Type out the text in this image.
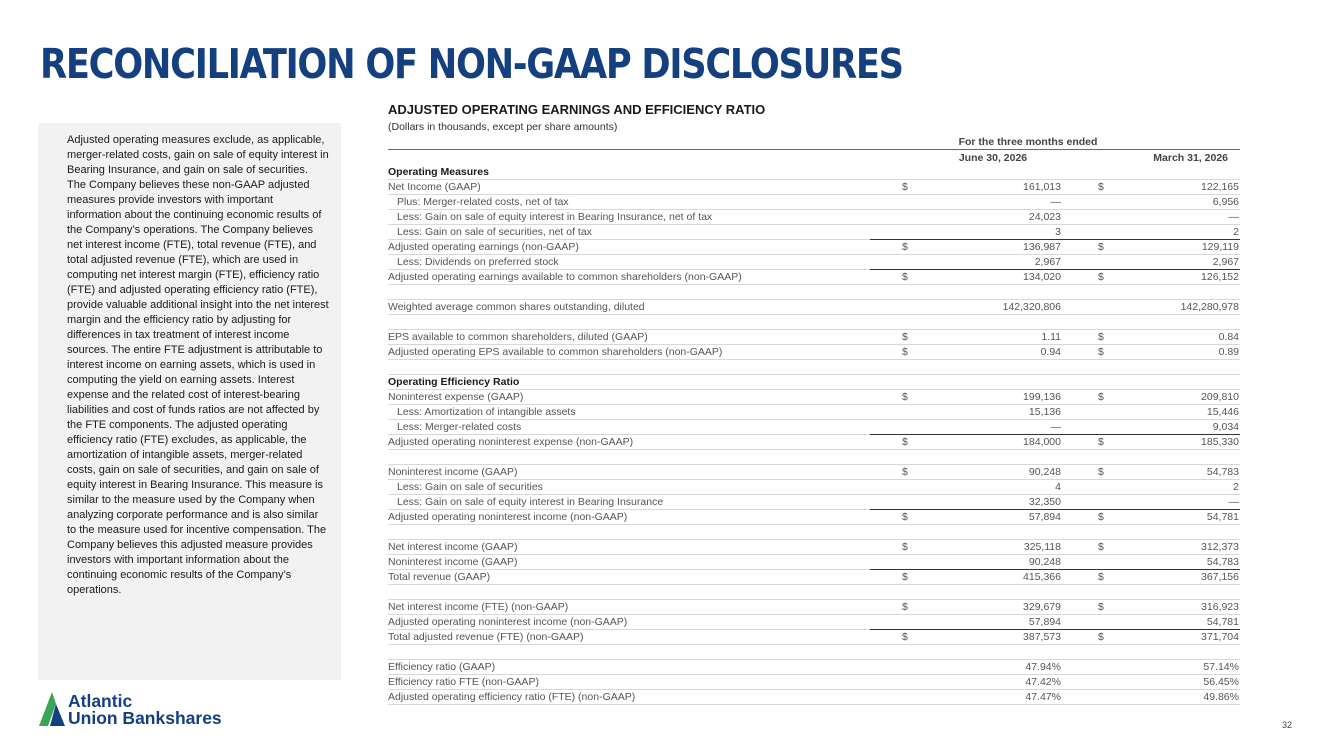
RECONCILIATION OF NON-GAAP DISCLOSURES

Adjusted operating measures exclude, as applicable, merger-related costs, gain on sale of equity interest in Bearing Insurance, and gain on sale of securities. The Company believes these non-GAAP adjusted measures provide investors with important information about the continuing economic results of the Company’s operations. The Company believes net interest income (FTE), total revenue (FTE), and total adjusted revenue (FTE), which are used in computing net interest margin (FTE), efficiency ratio (FTE) and adjusted operating efficiency ratio (FTE), provide valuable additional insight into the net interest margin and the efficiency ratio by adjusting for differences in tax treatment of interest income sources. The entire FTE adjustment is attributable to interest income on earning assets, which is used in computing the yield on earning assets. Interest expense and the related cost of interest-bearing liabilities and cost of funds ratios are not affected by the FTE components. The adjusted operating efficiency ratio (FTE) excludes, as applicable, the amortization of intangible assets, merger-related costs, gain on sale of securities, and gain on sale of equity interest in Bearing Insurance. This measure is similar to the measure used by the Company when analyzing corporate performance and is also similar to the measure used for incentive compensation. The Company believes this adjusted measure provides investors with important information about the continuing economic results of the Company’s operations.

Atlantic
Union Bankshares
ADJUSTED OPERATING EARNINGS AND EFFICIENCY RATIO
(Dollars in thousands, except per share amounts)
For the three months ended
June 30, 2026	March 31, 2026
Operating Measures
Net Income (GAAP)	$	161,013	$	122,165
Plus: Merger-related costs, net of tax	—	6,956
Less: Gain on sale of equity interest in Bearing Insurance, net of tax	24,023	—
Less: Gain on sale of securities, net of tax	3	2
Adjusted operating earnings (non-GAAP)	$	136,987	$	129,119
Less: Dividends on preferred stock	2,967	2,967
Adjusted operating earnings available to common shareholders (non-GAAP)	$	134,020	$	126,152
Weighted average common shares outstanding, diluted	142,320,806	142,280,978
EPS available to common shareholders, diluted (GAAP)	$	1.11	$	0.84
Adjusted operating EPS available to common shareholders (non-GAAP)	$	0.94	$	0.89
Operating Efficiency Ratio
Noninterest expense (GAAP)	$	199,136	$	209,810
Less: Amortization of intangible assets	15,136	15,446
Less: Merger-related costs	—	9,034
Adjusted operating noninterest expense (non-GAAP)	$	184,000	$	185,330
Noninterest income (GAAP)	$	90,248	$	54,783
Less: Gain on sale of securities	4	2
Less: Gain on sale of equity interest in Bearing Insurance	32,350	—
Adjusted operating noninterest income (non-GAAP)	$	57,894	$	54,781
Net interest income (GAAP)	$	325,118	$	312,373
Noninterest income (GAAP)	90,248	54,783
Total revenue (GAAP)	$	415,366	$	367,156
Net interest income (FTE) (non-GAAP)	$	329,679	$	316,923
Adjusted operating noninterest income (non-GAAP)	57,894	54,781
Total adjusted revenue (FTE) (non-GAAP)	$	387,573	$	371,704
Efficiency ratio (GAAP)	47.94%	57.14%
Efficiency ratio FTE (non-GAAP)	47.42%	56.45%
Adjusted operating efficiency ratio (FTE) (non-GAAP)	47.47%	49.86%
32
